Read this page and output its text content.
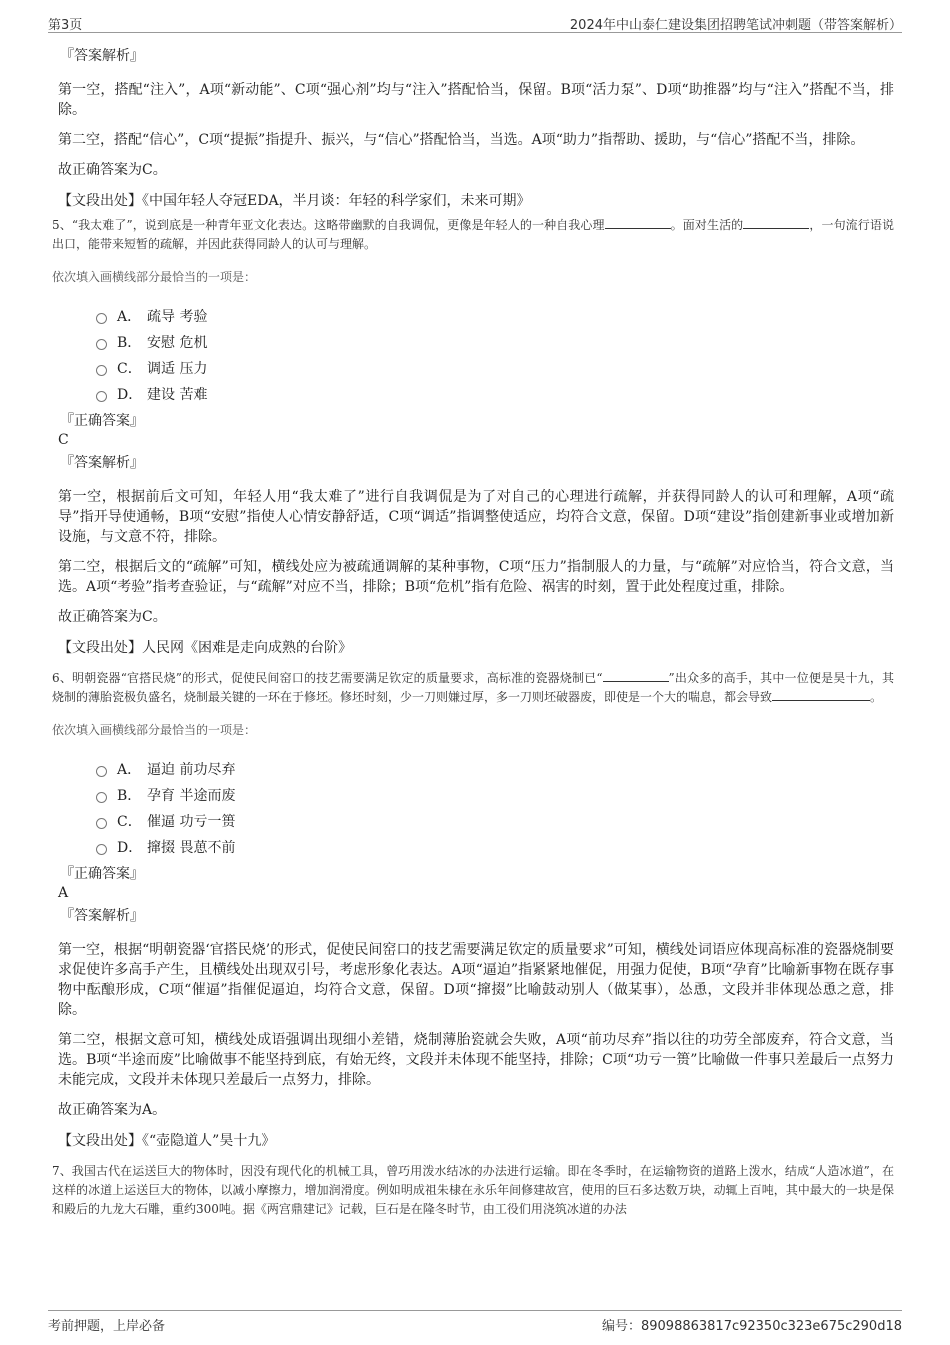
第3页	2024年中山泰仁建设集团招聘笔试冲刺题（带答案解析）
『答案解析』
第一空，搭配“注入”，A项“新动能”、C项“强心剂”均与“注入”搭配恰当，保留。B项“活力泵”、D项“助推器”均与“注入”搭配不当，排除。
第二空，搭配“信心”，C项“提振”指提升、振兴，与“信心”搭配恰当，当选。A项“助力”指帮助、援助，与“信心”搭配不当，排除。
故正确答案为C。
【文段出处】《中国年轻人夺冠EDA，半月谈：年轻的科学家们，未来可期》
5、“我太难了”，说到底是一种青年亚文化表达。这略带幽默的自我调侃，更像是年轻人的一种自我心理	。面对生活的	，一句流行语说出口，能带来短暂的疏解，并因此获得同龄人的认可与理解。
依次填入画横线部分最恰当的一项是：
A． 疏导 考验
B． 安慰 危机
C． 调适 压力
D． 建设 苦难
『正确答案』
C
『答案解析』
第一空，根据前后文可知，年轻人用“我太难了”进行自我调侃是为了对自己的心理进行疏解，并获得同龄人的认可和理解，A项“疏导”指开导使通畅，B项“安慰”指使人心情安静舒适，C项“调适”指调整使适应，均符合文意，保留。D项“建设”指创建新事业或增加新设施，与文意不符，排除。
第二空，根据后文的“疏解”可知，横线处应为被疏通调解的某种事物，C项“压力”指制服人的力量，与“疏解”对应恰当，符合文意，当选。A项“考验”指考查验证，与“疏解”对应不当，排除；B项“危机”指有危险、祸害的时刻，置于此处程度过重，排除。
故正确答案为C。
【文段出处】人民网《困难是走向成熟的台阶》
6、明朝瓷器“官搭民烧”的形式，促使民间窑口的技艺需要满足钦定的质量要求，高标准的瓷器烧制已“	”出众多的高手，其中一位便是昊十九，其烧制的薄胎瓷极负盛名，烧制最关键的一环在于修坯。修坯时刻，少一刀则嫌过厚，多一刀则坯破器废，即使是一个大的喘息，都会导致	。
依次填入画横线部分最恰当的一项是：
A． 逼迫 前功尽弃
B． 孕育 半途而废
C． 催逼 功亏一篑
D． 撺掇 畏葸不前
『正确答案』
A
『答案解析』
第一空，根据“明朝瓷器‘官搭民烧’的形式，促使民间窑口的技艺需要满足钦定的质量要求”可知，横线处词语应体现高标准的瓷器烧制要求促使许多高手产生，且横线处出现双引号，考虑形象化表达。A项“逼迫”指紧紧地催促，用强力促使，B项“孕育”比喻新事物在既存事物中酝酿形成，C项“催逼”指催促逼迫，均符合文意，保留。D项“撺掇”比喻鼓动别人（做某事），怂恿，文段并非体现怂恿之意，排除。
第二空，根据文意可知，横线处成语强调出现细小差错，烧制薄胎瓷就会失败，A项“前功尽弃”指以往的功劳全部废弃，符合文意，当选。B项“半途而废”比喻做事不能坚持到底，有始无终，文段并未体现不能坚持，排除；C项“功亏一篑”比喻做一件事只差最后一点努力未能完成，文段并未体现只差最后一点努力，排除。
故正确答案为A。
【文段出处】《“壶隐道人”昊十九》
7、我国古代在运送巨大的物体时，因没有现代化的机械工具，曾巧用泼水结冰的办法进行运输。即在冬季时，在运输物资的道路上泼水，结成“人造冰道”，在这样的冰道上运送巨大的物体，以减小摩擦力，增加润滑度。例如明成祖朱棣在永乐年间修建故宫，使用的巨石多达数万块，动辄上百吨，其中最大的一块是保和殿后的九龙大石雕，重约300吨。据《两宫鼎建记》记载，巨石是在隆冬时节，由工役们用浇筑冰道的办法
考前押题，上岸必备	编号：89098863817c92350c323e675c290d18
